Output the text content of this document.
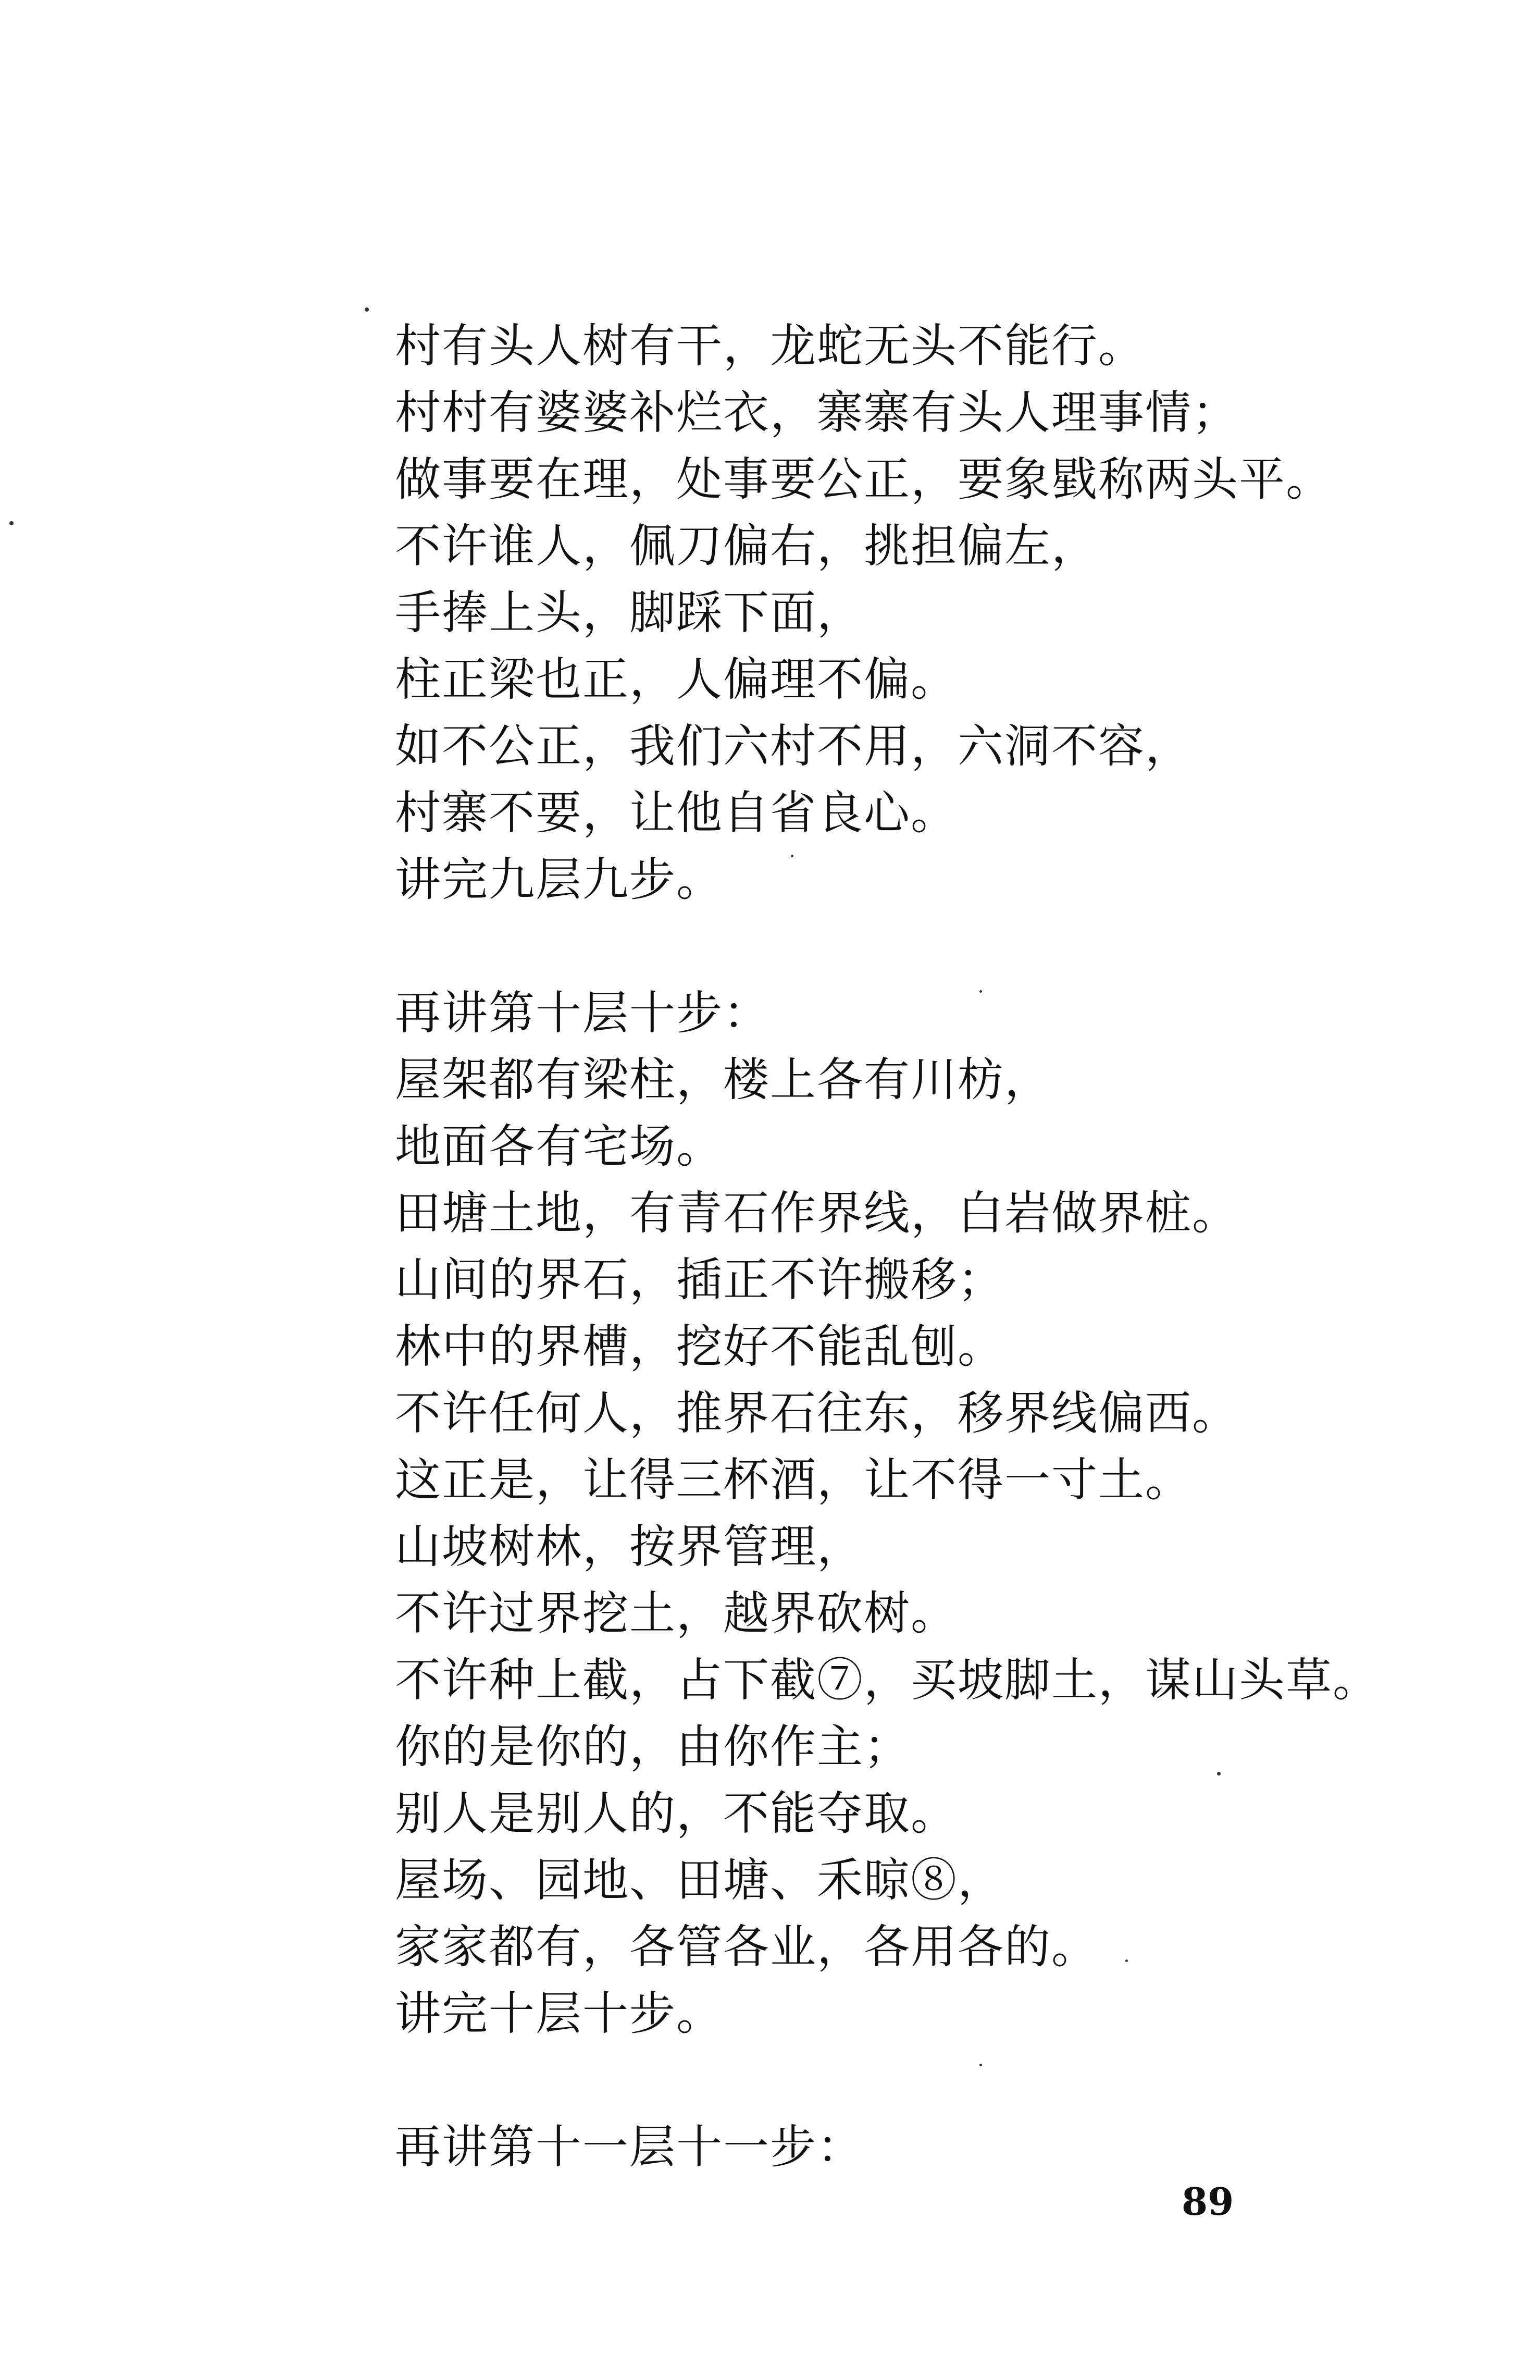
村有头人树有干，龙蛇无头不能行。
村村有婆婆补烂衣，寨寨有头人理事情；
做事要在理，处事要公正，要象戥称两头平。
不许谁人，佩刀偏右，挑担偏左，
手捧上头，脚踩下面，
柱正梁也正，人偏理不偏。
如不公正，我们六村不用，六洞不容，
村寨不要，让他自省良心。
讲完九层九步。
再讲第十层十步：
屋架都有梁柱，楼上各有川枋，
地面各有宅场。
田塘土地，有青石作界线，白岩做界桩。
山间的界石，插正不许搬移；
林中的界槽，挖好不能乱刨。
不许任何人，推界石往东，移界线偏西。
这正是，让得三杯酒，让不得一寸土。
山坡树林，按界管理，
不许过界挖土，越界砍树。
不许种上截，占下截⑦，买坡脚土，谋山头草。
你的是你的，由你作主；
别人是别人的，不能夺取。
屋场、园地、田塘、禾晾⑧，
家家都有，各管各业，各用各的。
讲完十层十步。
再讲第十一层十一步：
89
